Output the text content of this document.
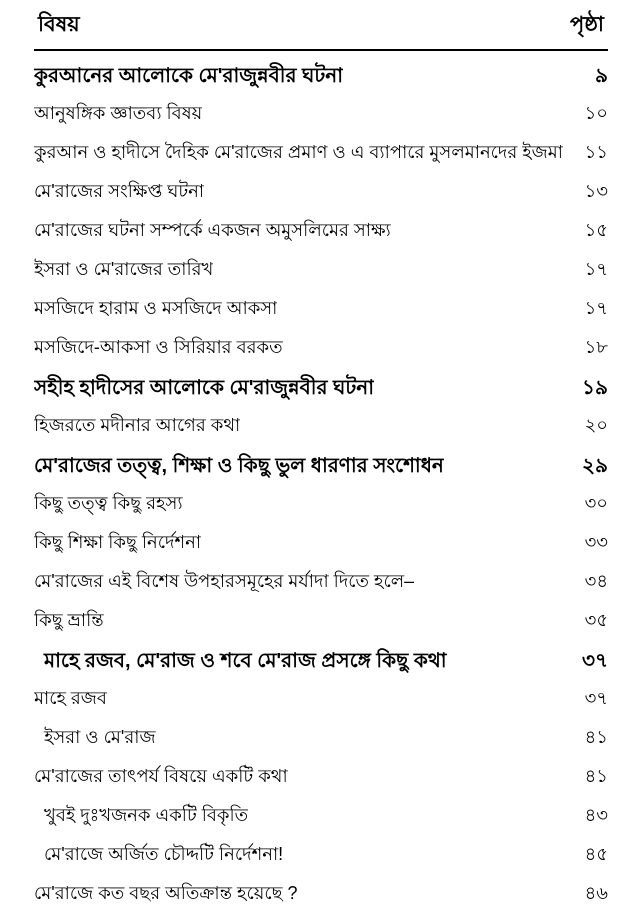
বিষয়	পৃষ্ঠা
কুরআনের আলোকে মে'রাজুন্নবীর ঘটনা	৯
আনুষঙ্গিক জ্ঞাতব্য বিষয়	১০
কুরআন ও হাদীসে দৈহিক মে'রাজের প্রমাণ ও এ ব্যাপারে মুসলমানদের ইজমা	১১
মে'রাজের সংক্ষিপ্ত ঘটনা	১৩
মে'রাজের ঘটনা সম্পর্কে একজন অমুসলিমের সাক্ষ্য	১৫
ইসরা ও মে'রাজের তারিখ	১৭
মসজিদে হারাম ও মসজিদে আকসা	১৭
মসজিদে-আকসা ও সিরিয়ার বরকত	১৮
সহীহ হাদীসের আলোকে মে'রাজুন্নবীর ঘটনা	১৯
হিজরতে মদীনার আগের কথা	২০
মে'রাজের তত্ত্ব, শিক্ষা ও কিছু ভুল ধারণার সংশোধন	২৯
কিছু তত্ত্ব কিছু রহস্য	৩০
কিছু শিক্ষা কিছু নির্দেশনা	৩৩
মে'রাজের এই বিশেষ উপহারসমূহের মর্যাদা দিতে হলে–	৩৪
কিছু ভ্রান্তি	৩৫
মাহে রজব, মে'রাজ ও শবে মে'রাজ প্রসঙ্গে কিছু কথা	৩৭
মাহে রজব	৩৭
ইসরা ও মে'রাজ	৪১
মে'রাজের তাৎপর্য বিষয়ে একটি কথা	৪১
খুবই দুঃখজনক একটি বিকৃতি	৪৩
মে'রাজে অর্জিত চৌদ্দটি নির্দেশনা!	৪৫
মে'রাজে কত বছর অতিক্রান্ত হয়েছে ?	৪৬
